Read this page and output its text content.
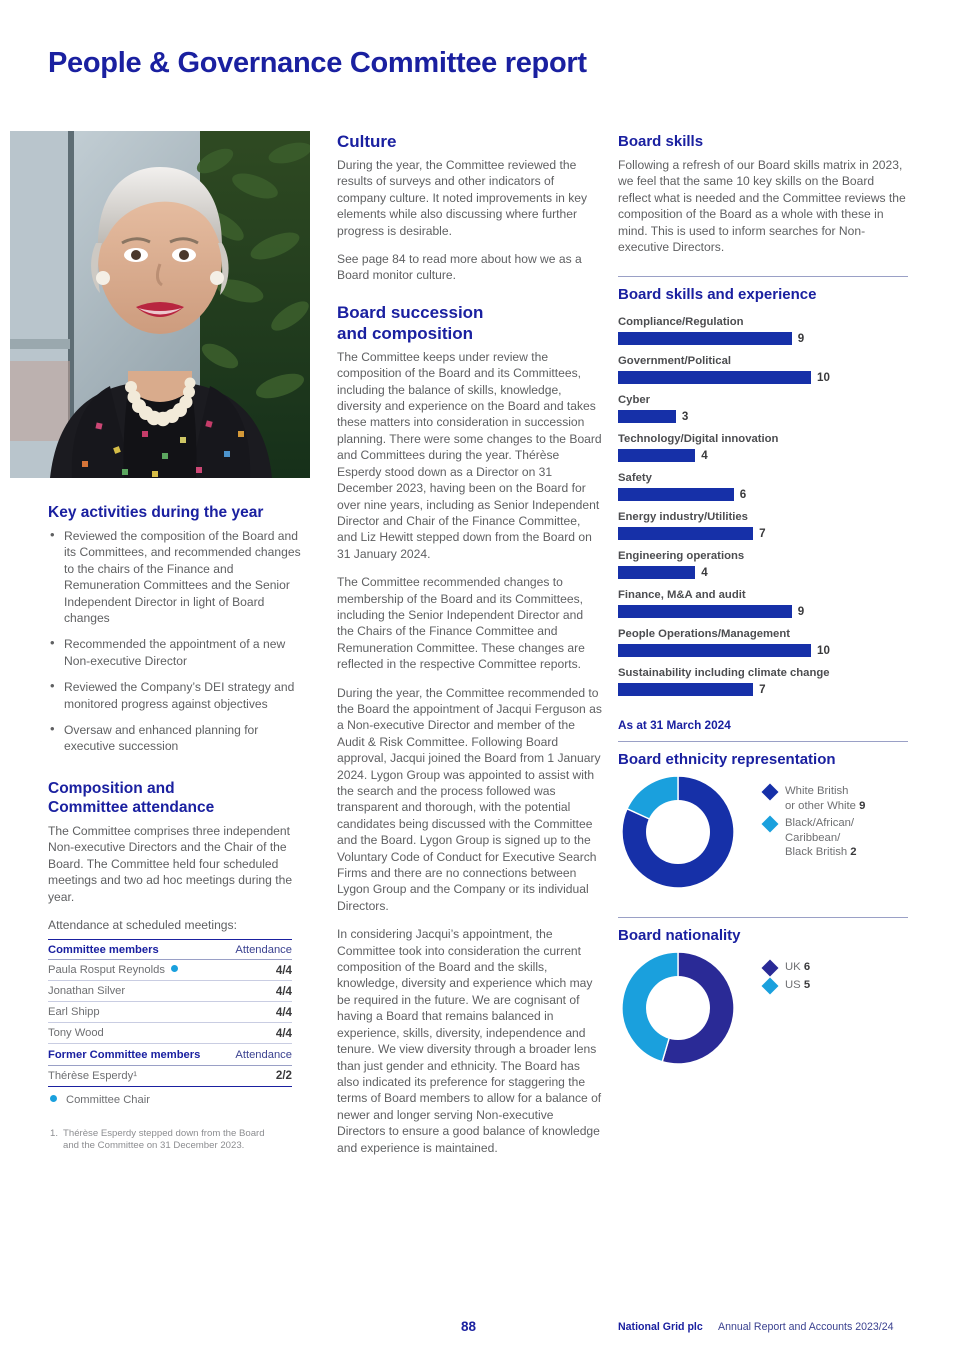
People & Governance Committee report
Key activities during the year
• Reviewed the composition of the Board and its Committees, and recommended changes to the chairs of the Finance and Remuneration Committees and the Senior Independent Director in light of Board changes
• Recommended the appointment of a new Non-executive Director
• Reviewed the Company’s DEI strategy and monitored progress against objectives
• Oversaw and enhanced planning for executive succession
Composition and
Committee attendance

The Committee comprises three independent Non-executive Directors and the Chair of the Board. The Committee held four scheduled meetings and two ad hoc meetings during the year.

Attendance at scheduled meetings:

Committee members	Attendance
Paula Rosput Reynolds	4/4
Jonathan Silver	4/4
Earl Shipp	4/4
Tony Wood	4/4
Former Committee members	Attendance
Thérèse Esperdy¹	2/2
Committee Chair
1. Thérèse Esperdy stepped down from the Board and the Committee on 31 December 2023.
Culture

During the year, the Committee reviewed the results of surveys and other indicators of company culture. It noted improvements in key elements while also discussing where further progress is desirable.

See page 84 to read more about how we as a Board monitor culture.

Board succession
and composition

The Committee keeps under review the composition of the Board and its Committees, including the balance of skills, knowledge, diversity and experience on the Board and takes these matters into consideration in succession planning. There were some changes to the Board and Committees during the year. Thérèse Esperdy stood down as a Director on 31 December 2023, having been on the Board for over nine years, including as Senior Independent Director and Chair of the Finance Committee, and Liz Hewitt stepped down from the Board on 31 January 2024.

The Committee recommended changes to membership of the Board and its Committees, including the Senior Independent Director and the Chairs of the Finance Committee and Remuneration Committee. These changes are reflected in the respective Committee reports.

During the year, the Committee recommended to the Board the appointment of Jacqui Ferguson as a Non-executive Director and member of the Audit & Risk Committee. Following Board approval, Jacqui joined the Board from 1 January 2024. Lygon Group was appointed to assist with the search and the process followed was transparent and thorough, with the potential candidates being discussed with the Committee and the Board. Lygon Group is signed up to the Voluntary Code of Conduct for Executive Search Firms and there are no connections between Lygon Group and the Company or its individual Directors.

In considering Jacqui’s appointment, the Committee took into consideration the current composition of the Board and the skills, knowledge, diversity and experience which may be required in the future. We are cognisant of having a Board that remains balanced in experience, skills, diversity, independence and tenure. We view diversity through a broader lens than just gender and ethnicity. The Board has also indicated its preference for staggering the terms of Board members to allow for a balance of newer and longer serving Non-executive Directors to ensure a good balance of knowledge and experience is maintained.

Board skills

Following a refresh of our Board skills matrix in 2023, we feel that the same 10 key skills on the Board reflect what is needed and the Committee reviews the composition of the Board as a whole with these in mind. This is used to inform searches for Non-executive Directors.

Board skills and experience
Compliance/Regulation
9
Government/Political
10
Cyber
3
Technology/Digital innovation
4
Safety
6
Energy industry/Utilities
7
Engineering operations
4
Finance, M&A and audit
9
People Operations/Management
10
Sustainability including climate change
7
As at 31 March 2024
Board ethnicity representation
White British
or other White 9
Black/African/
Caribbean/
Black British 2
Board nationality
UK 6
US 5
88	National Grid plc Annual Report and Accounts 2023/24
